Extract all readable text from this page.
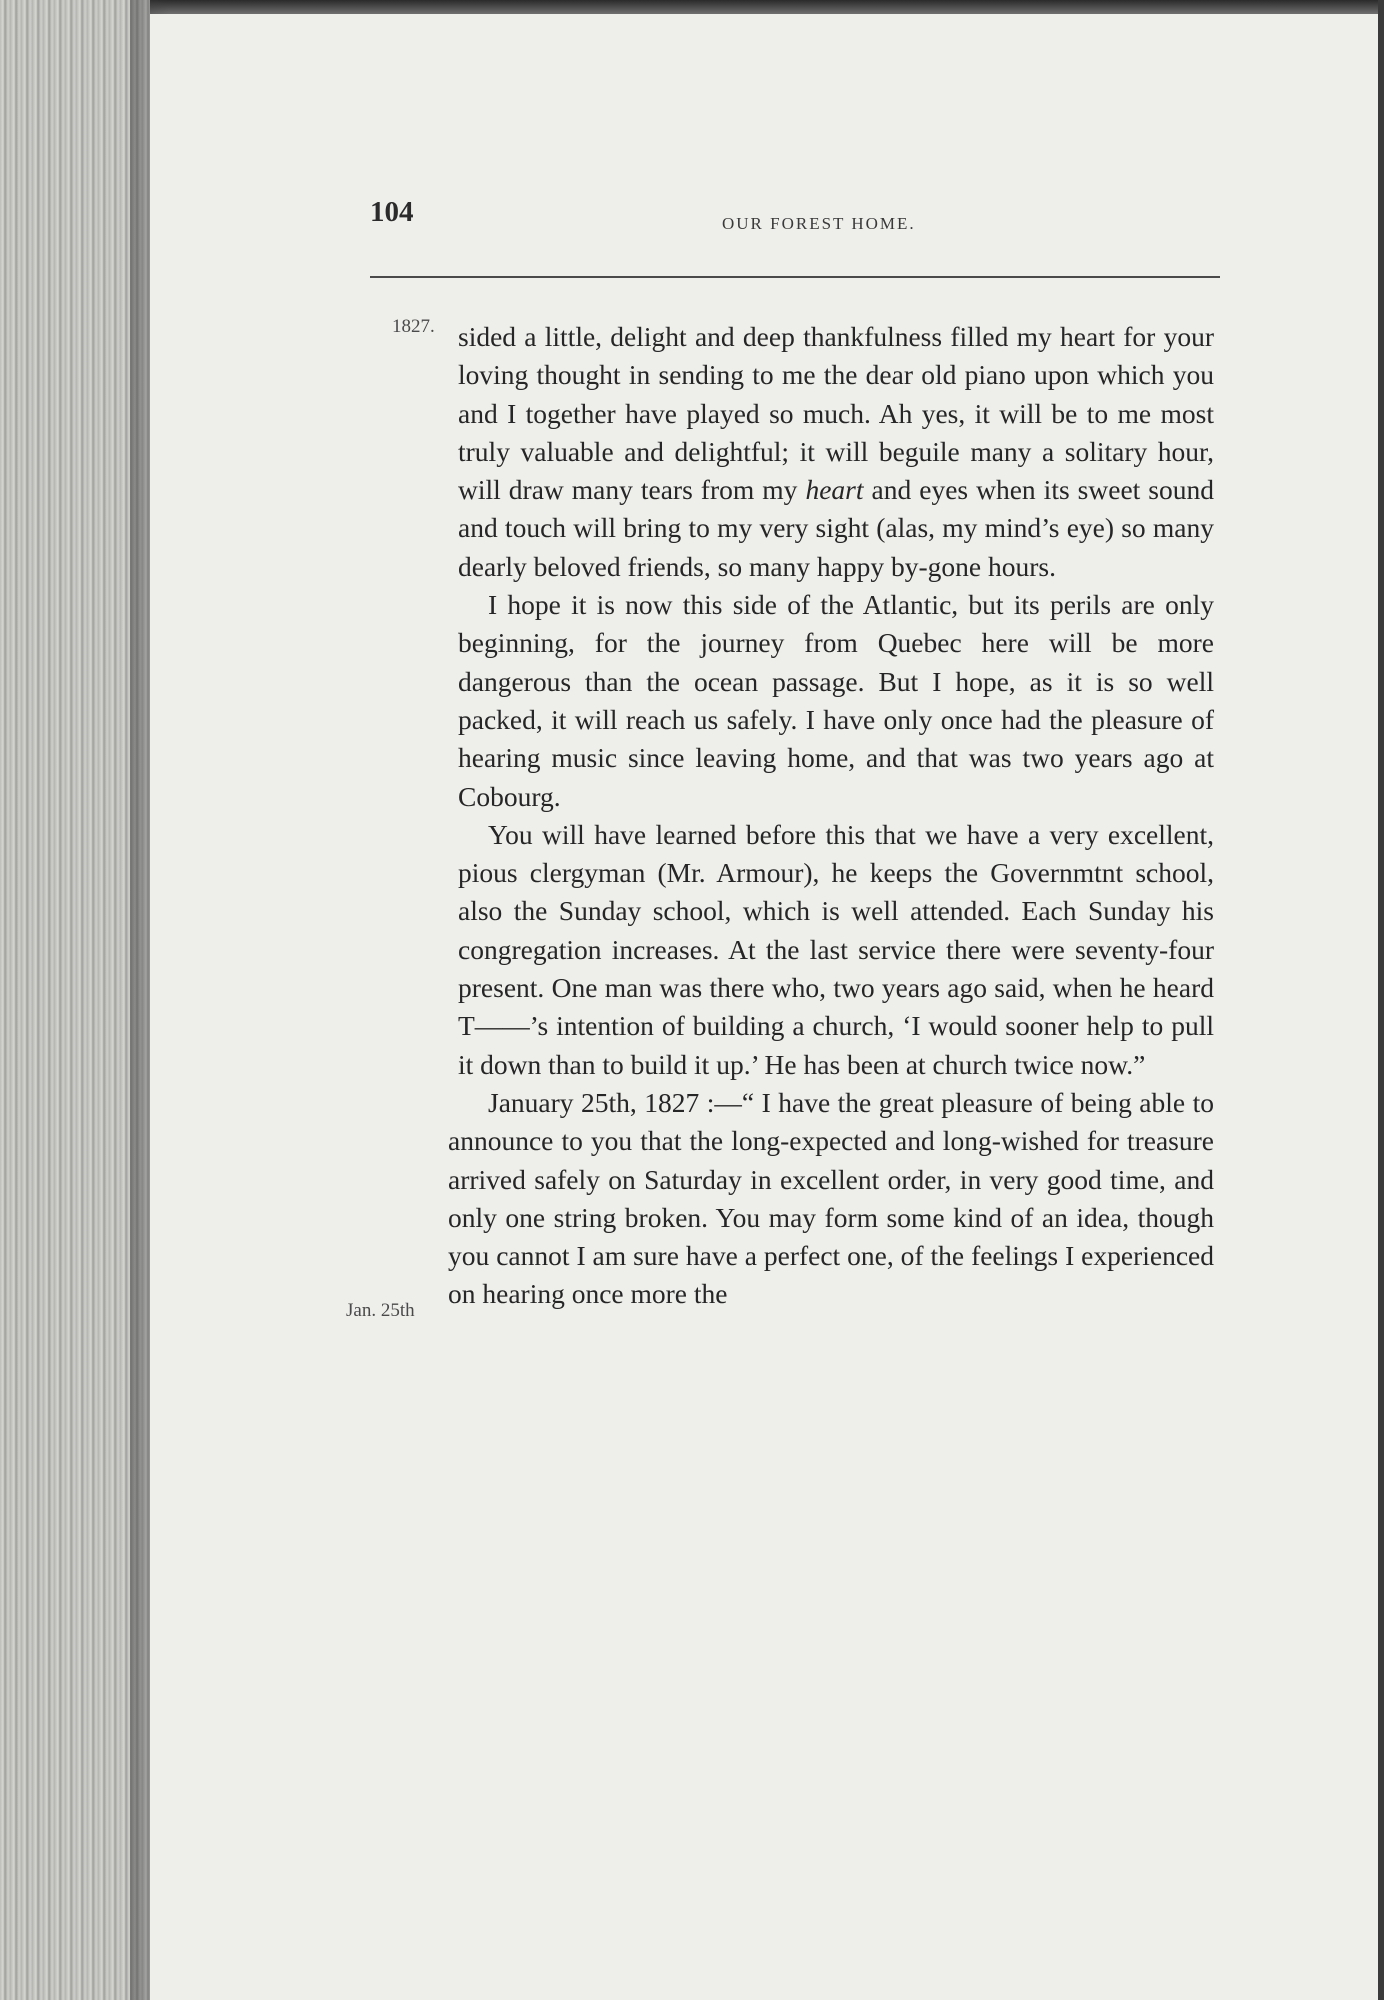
104	OUR FOREST HOME.
1827.
Jan. 25th

sided a little, delight and deep thankfulness filled my heart for your loving thought in sending to me the dear old piano upon which you and I together have played so much. Ah yes, it will be to me most truly valuable and delightful; it will beguile many a solitary hour, will draw many tears from my heart and eyes when its sweet sound and touch will bring to my very sight (alas, my mind’s eye) so many dearly beloved friends, so many happy by-gone hours.

I hope it is now this side of the Atlantic, but its perils are only beginning, for the journey from Quebec here will be more dangerous than the ocean passage. But I hope, as it is so well packed, it will reach us safely. I have only once had the pleasure of hearing music since leaving home, and that was two years ago at Cobourg.

You will have learned before this that we have a very excellent, pious clergyman (Mr. Armour), he keeps the Governmtnt school, also the Sunday school, which is well attended. Each Sunday his congregation increases. At the last service there were seventy-four present. One man was there who, two years ago said, when he heard T——’s intention of building a church, ‘I would sooner help to pull it down than to build it up.’ He has been at church twice now.”

January 25th, 1827 :—“ I have the great pleasure of being able to announce to you that the long-expected and long-wished for treasure arrived safely on Saturday in excellent order, in very good time, and only one string broken. You may form some kind of an idea, though you cannot I am sure have a perfect one, of the feelings I experienced on hearing once more the
